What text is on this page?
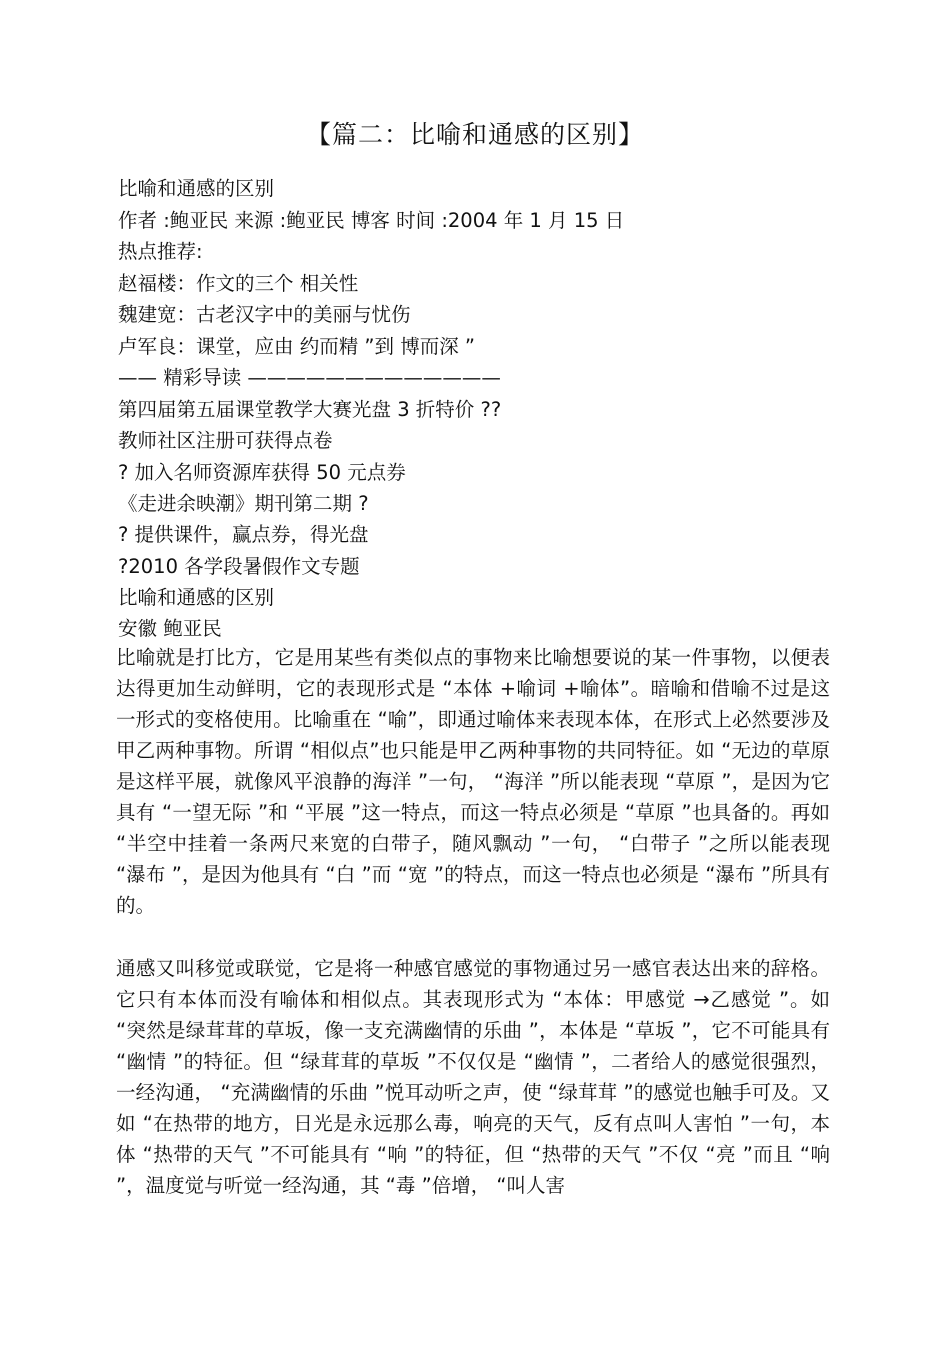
【篇二：比喻和通感的区别】
比喻和通感的区别
作者 :鲍亚民 来源 :鲍亚民 博客 时间 :2004 年 1 月 15 日
热点推荐:
赵福楼：作文的三个 相关性
魏建宽：古老汉字中的美丽与忧伤
卢军良：课堂，应由 约而精 ”到 博而深 ”
—— 精彩导读 —————————————
第四届第五届课堂教学大赛光盘 3 折特价 ??
教师社区注册可获得点卷
? 加入名师资源库获得 50 元点券
《走进余映潮》期刊第二期 ?
? 提供课件，赢点券，得光盘
?2010 各学段暑假作文专题
比喻和通感的区别
安徽 鲍亚民
比喻就是打比方，它是用某些有类似点的事物来比喻想要说的某一件事物，以便表达得更加生动鲜明，它的表现形式是 “本体 +喻词 +喻体”。暗喻和借喻不过是这一形式的变格使用。比喻重在 “喻”，即通过喻体来表现本体，在形式上必然要涉及甲乙两种事物。所谓 “相似点”也只能是甲乙两种事物的共同特征。如 “无边的草原是这样平展，就像风平浪静的海洋 ”一句， “海洋 ”所以能表现 “草原 ”，是因为它具有 “一望无际 ”和 “平展 ”这一特点，而这一特点必须是 “草原 ”也具备的。再如 “半空中挂着一条两尺来宽的白带子，随风飘动 ”一句， “白带子 ”之所以能表现 “瀑布 ”，是因为他具有 “白 ”而 “宽 ”的特点，而这一特点也必须是 “瀑布 ”所具有的。
通感又叫移觉或联觉，它是将一种感官感觉的事物通过另一感官表达出来的辞格。它只有本体而没有喻体和相似点。其表现形式为 “本体：甲感觉 →乙感觉 ”。如 “突然是绿茸茸的草坂，像一支充满幽情的乐曲 ”，本体是 “草坂 ”，它不可能具有 “幽情 ”的特征。但 “绿茸茸的草坂 ”不仅仅是 “幽情 ”，二者给人的感觉很强烈，一经沟通， “充满幽情的乐曲 ”悦耳动听之声，使 “绿茸茸 ”的感觉也触手可及。又如 “在热带的地方，日光是永远那么毒，响亮的天气，反有点叫人害怕 ”一句，本体 “热带的天气 ”不可能具有 “响 ”的特征，但 “热带的天气 ”不仅 “亮 ”而且 “响 ”，温度觉与听觉一经沟通，其 “毒 ”倍增， “叫人害
